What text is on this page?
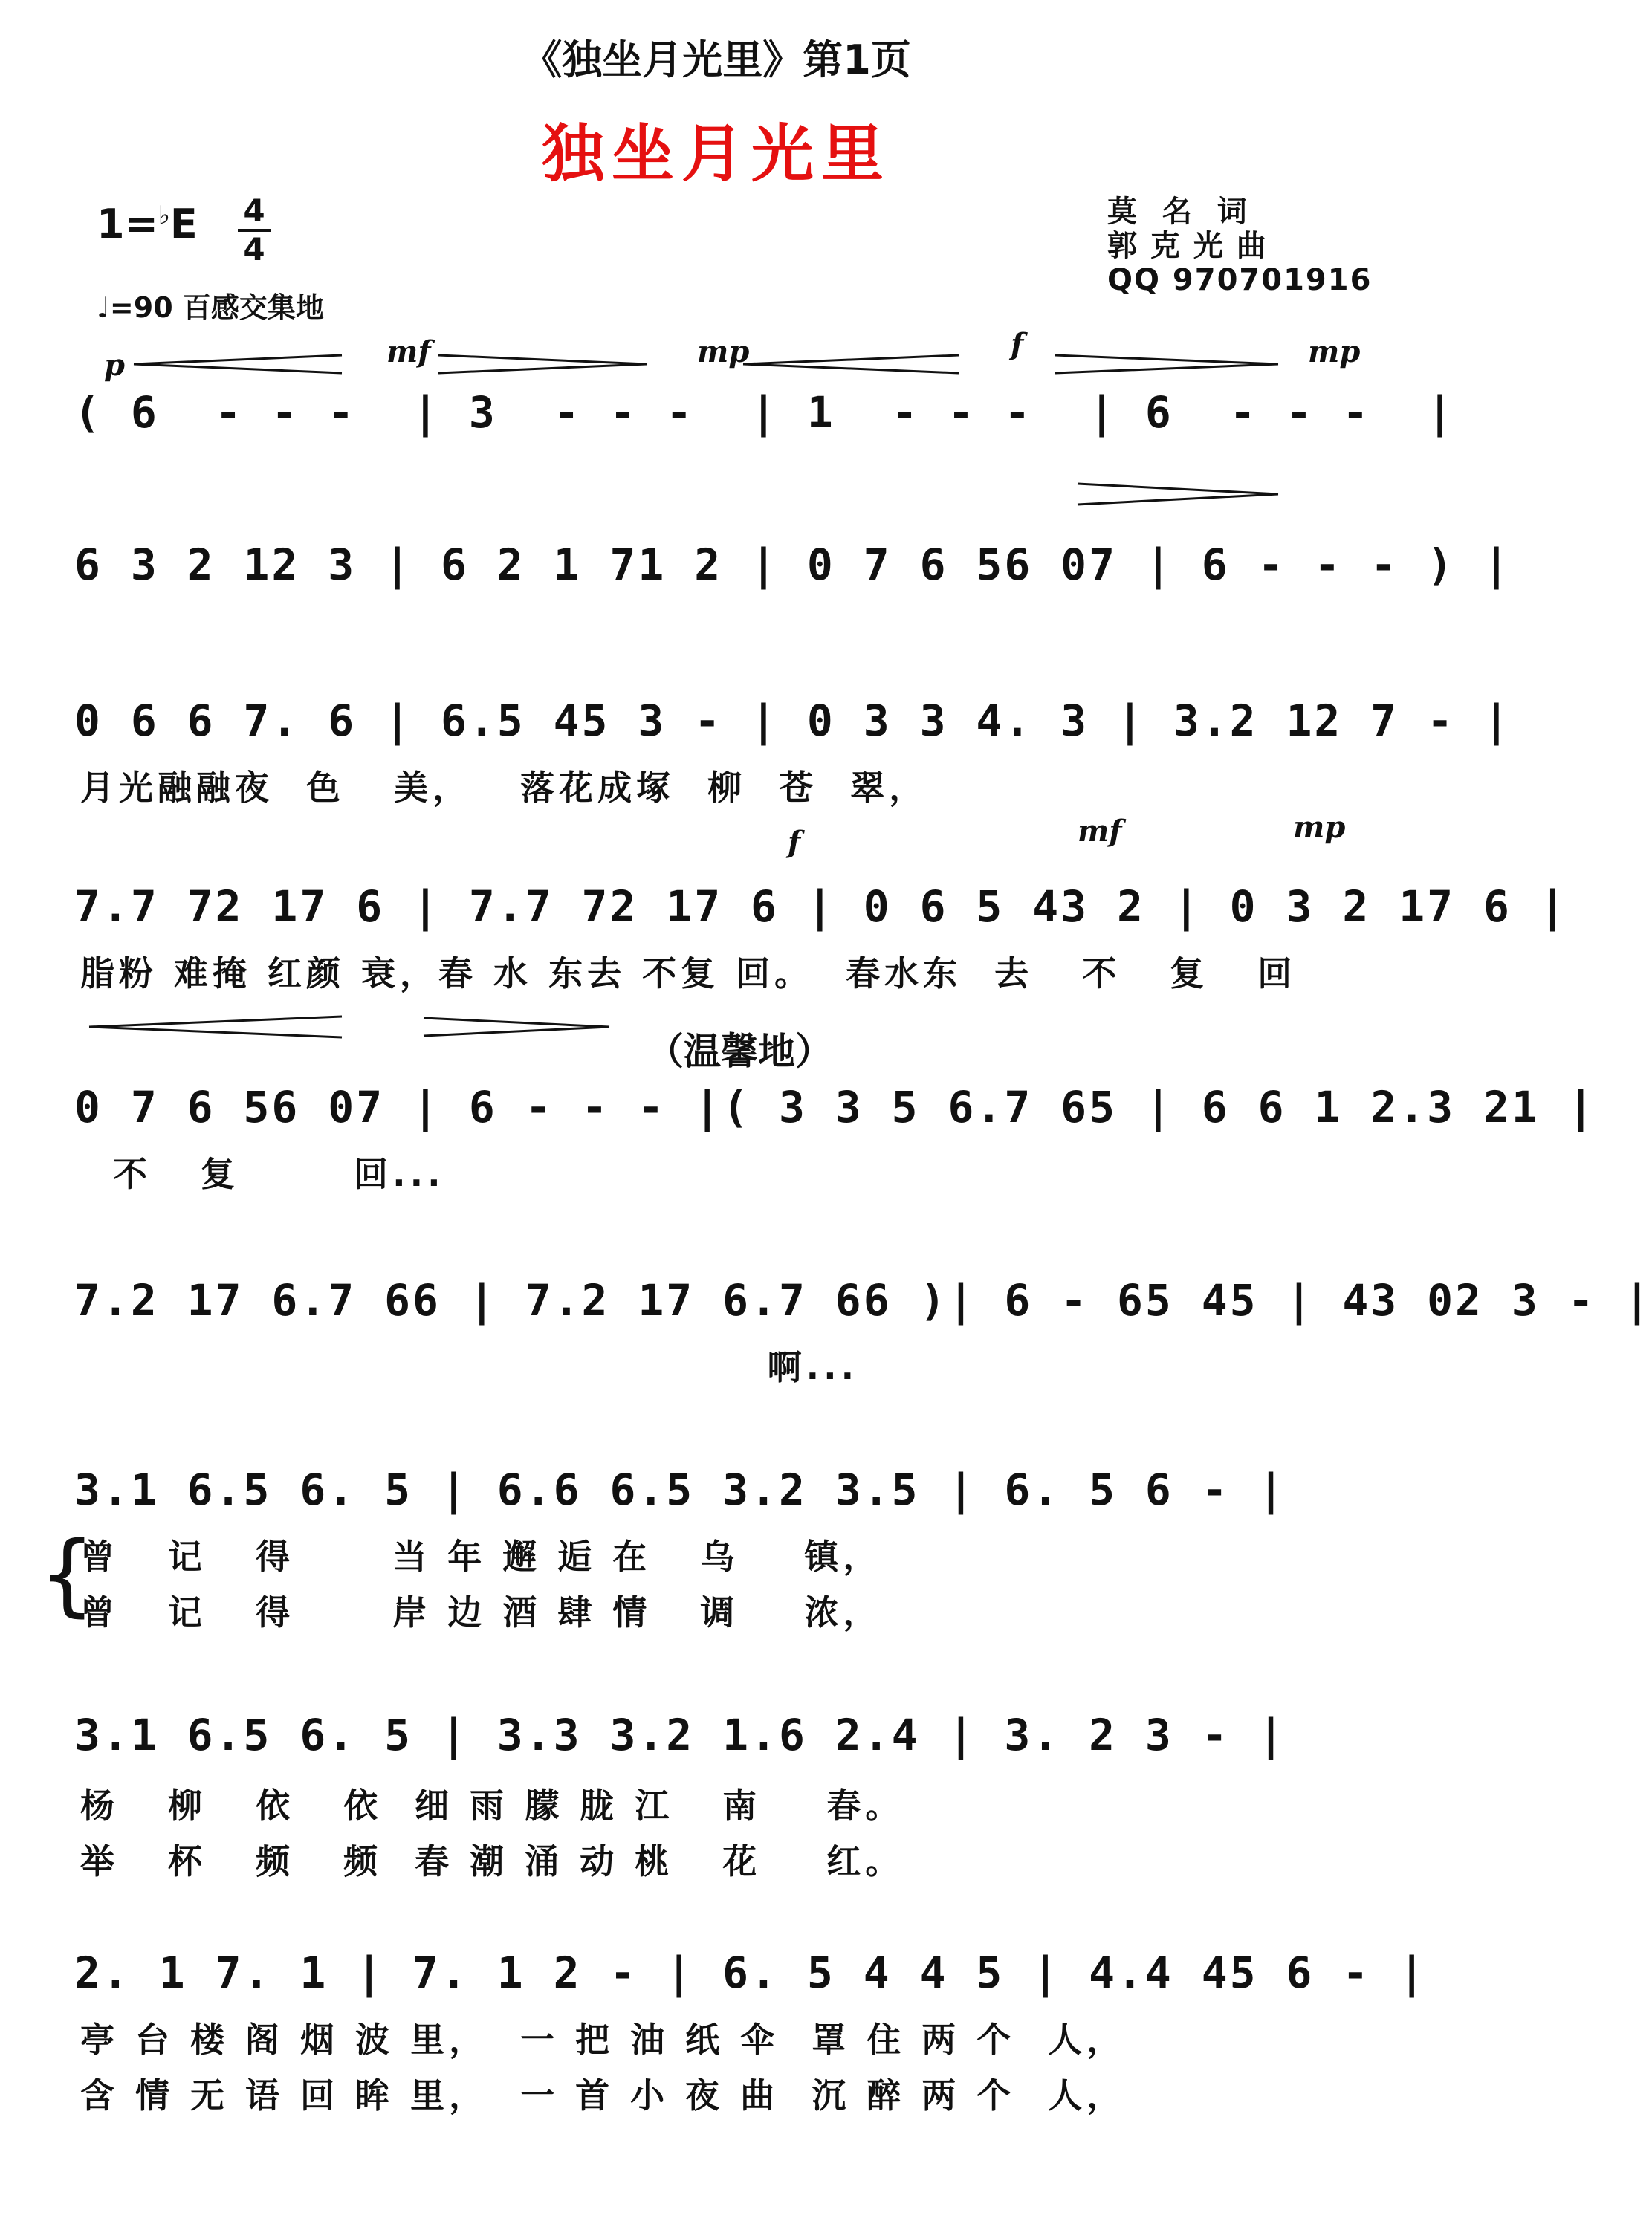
《独坐月光里》第1页
独坐月光里
1=♭E 4
4
♩=90 百感交集地
莫  名  词
郭 克 光 曲
QQ 970701916
p	mf	mp	f	mp
( 6  - - -  | 3  - - -  | 1  - - -  | 6  - - -  |
6 3 2 12 3 | 6 2 1 71 2 | 0 7 6 56 07 | 6 - - - ) |
0 6 6 7. 6 | 6.5 45 3 - | 0 3 3 4. 3 | 3.2 12 7 - |
月光融融夜  色   美，   落花成塚  柳  苍  翠，
f	mf	mp
7.7 72 17 6 | 7.7 72 17 6 | 0 6 5 43 2 | 0 3 2 17 6 |
脂粉 难掩 红颜 衰，春 水 东去 不复 回。  春水东  去   不   复   回
（温馨地）
0 7 6 56 07 | 6 - - - |( 3 3 5 6.7 65 | 6 6 1 2.3 21 |
不   复       回...
7.2 17 6.7 66 | 7.2 17 6.7 66 )| 6 - 65 45 | 43 02 3 - |
啊...
{
3.1 6.5 6. 5 | 6.6 6.5 3.2 3.5 | 6. 5 6 - |
曾   记   得      当 年 邂 逅 在   乌    镇，
曾   记   得      岸 边 酒 肆 情   调    浓，
3.1 6.5 6. 5 | 3.3 3.2 1.6 2.4 | 3. 2 3 - |
杨   柳   依   依  细 雨 朦 胧 江   南    春。
举   杯   频   频  春 潮 涌 动 桃   花    红。
2. 1 7. 1 | 7. 1 2 - | 6. 5 4 4 5 | 4.4 45 6 - |
亭 台 楼 阁 烟 波 里，  一 把 油 纸 伞  罩 住 两 个  人，
含 情 无 语 回 眸 里，  一 首 小 夜 曲  沉 醉 两 个  人，
